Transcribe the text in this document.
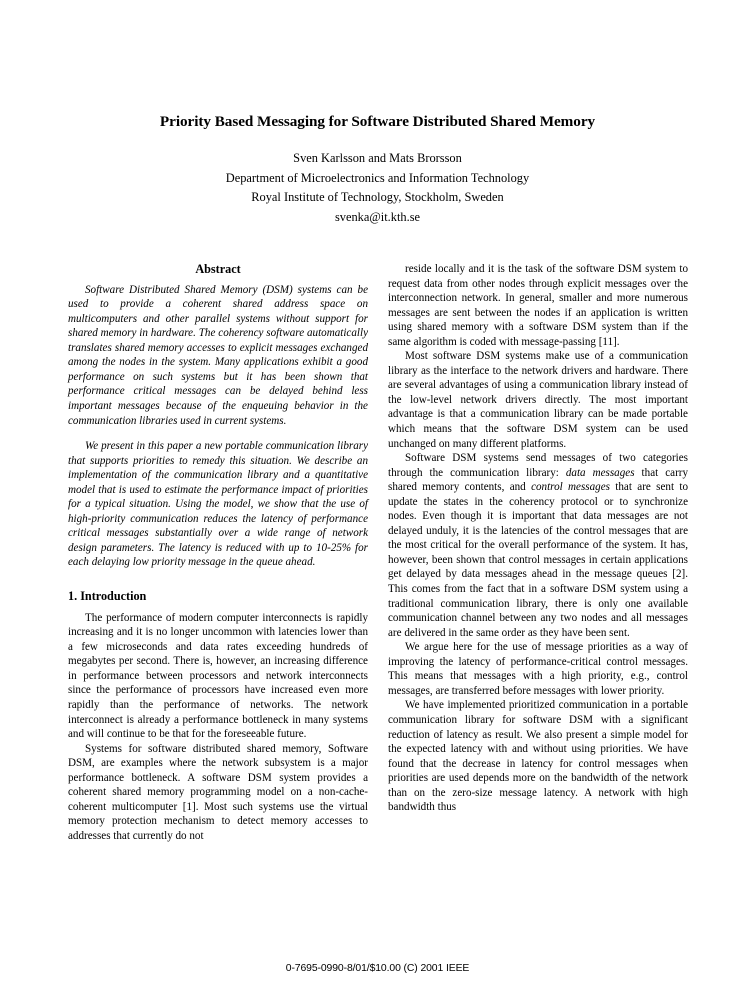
Priority Based Messaging for Software Distributed Shared Memory
Sven Karlsson and Mats Brorsson
Department of Microelectronics and Information Technology
Royal Institute of Technology, Stockholm, Sweden
svenka@it.kth.se
Abstract

Software Distributed Shared Memory (DSM) systems can be used to provide a coherent shared address space on multicomputers and other parallel systems without support for shared memory in hardware. The coherency software automatically translates shared memory accesses to explicit messages exchanged among the nodes in the system. Many applications exhibit a good performance on such systems but it has been shown that performance critical messages can be delayed behind less important messages because of the enqueuing behavior in the communication libraries used in current systems.

We present in this paper a new portable communication library that supports priorities to remedy this situation. We describe an implementation of the communication library and a quantitative model that is used to estimate the performance impact of priorities for a typical situation. Using the model, we show that the use of high-priority communication reduces the latency of performance critical messages substantially over a wide range of network design parameters. The latency is reduced with up to 10-25% for each delaying low priority message in the queue ahead.

1. Introduction

The performance of modern computer interconnects is rapidly increasing and it is no longer uncommon with latencies lower than a few microseconds and data rates exceeding hundreds of megabytes per second. There is, however, an increasing difference in performance between processors and network interconnects since the performance of processors have increased even more rapidly than the performance of networks. The network interconnect is already a performance bottleneck in many systems and will continue to be that for the foreseeable future.

Systems for software distributed shared memory, Software DSM, are examples where the network subsystem is a major performance bottleneck. A software DSM system provides a coherent shared memory programming model on a non-cache-coherent multicomputer [1]. Most such systems use the virtual memory protection mechanism to detect memory accesses to addresses that currently do not

reside locally and it is the task of the software DSM system to request data from other nodes through explicit messages over the interconnection network. In general, smaller and more numerous messages are sent between the nodes if an application is written using shared memory with a software DSM system than if the same algorithm is coded with message-passing [11].

Most software DSM systems make use of a communication library as the interface to the network drivers and hardware. There are several advantages of using a communication library instead of the low-level network drivers directly. The most important advantage is that a communication library can be made portable which means that the software DSM system can be used unchanged on many different platforms.

Software DSM systems send messages of two categories through the communication library: data messages that carry shared memory contents, and control messages that are sent to update the states in the coherency protocol or to synchronize nodes. Even though it is important that data messages are not delayed unduly, it is the latencies of the control messages that are the most critical for the overall performance of the system. It has, however, been shown that control messages in certain applications get delayed by data messages ahead in the message queues [2]. This comes from the fact that in a software DSM system using a traditional communication library, there is only one available communication channel between any two nodes and all messages are delivered in the same order as they have been sent.

We argue here for the use of message priorities as a way of improving the latency of performance-critical control messages. This means that messages with a high priority, e.g., control messages, are transferred before messages with lower priority.

We have implemented prioritized communication in a portable communication library for software DSM with a significant reduction of latency as result. We also present a simple model for the expected latency with and without using priorities. We have found that the decrease in latency for control messages when priorities are used depends more on the bandwidth of the network than on the zero-size message latency. A network with high bandwidth thus

0-7695-0990-8/01/$10.00 (C) 2001 IEEE
